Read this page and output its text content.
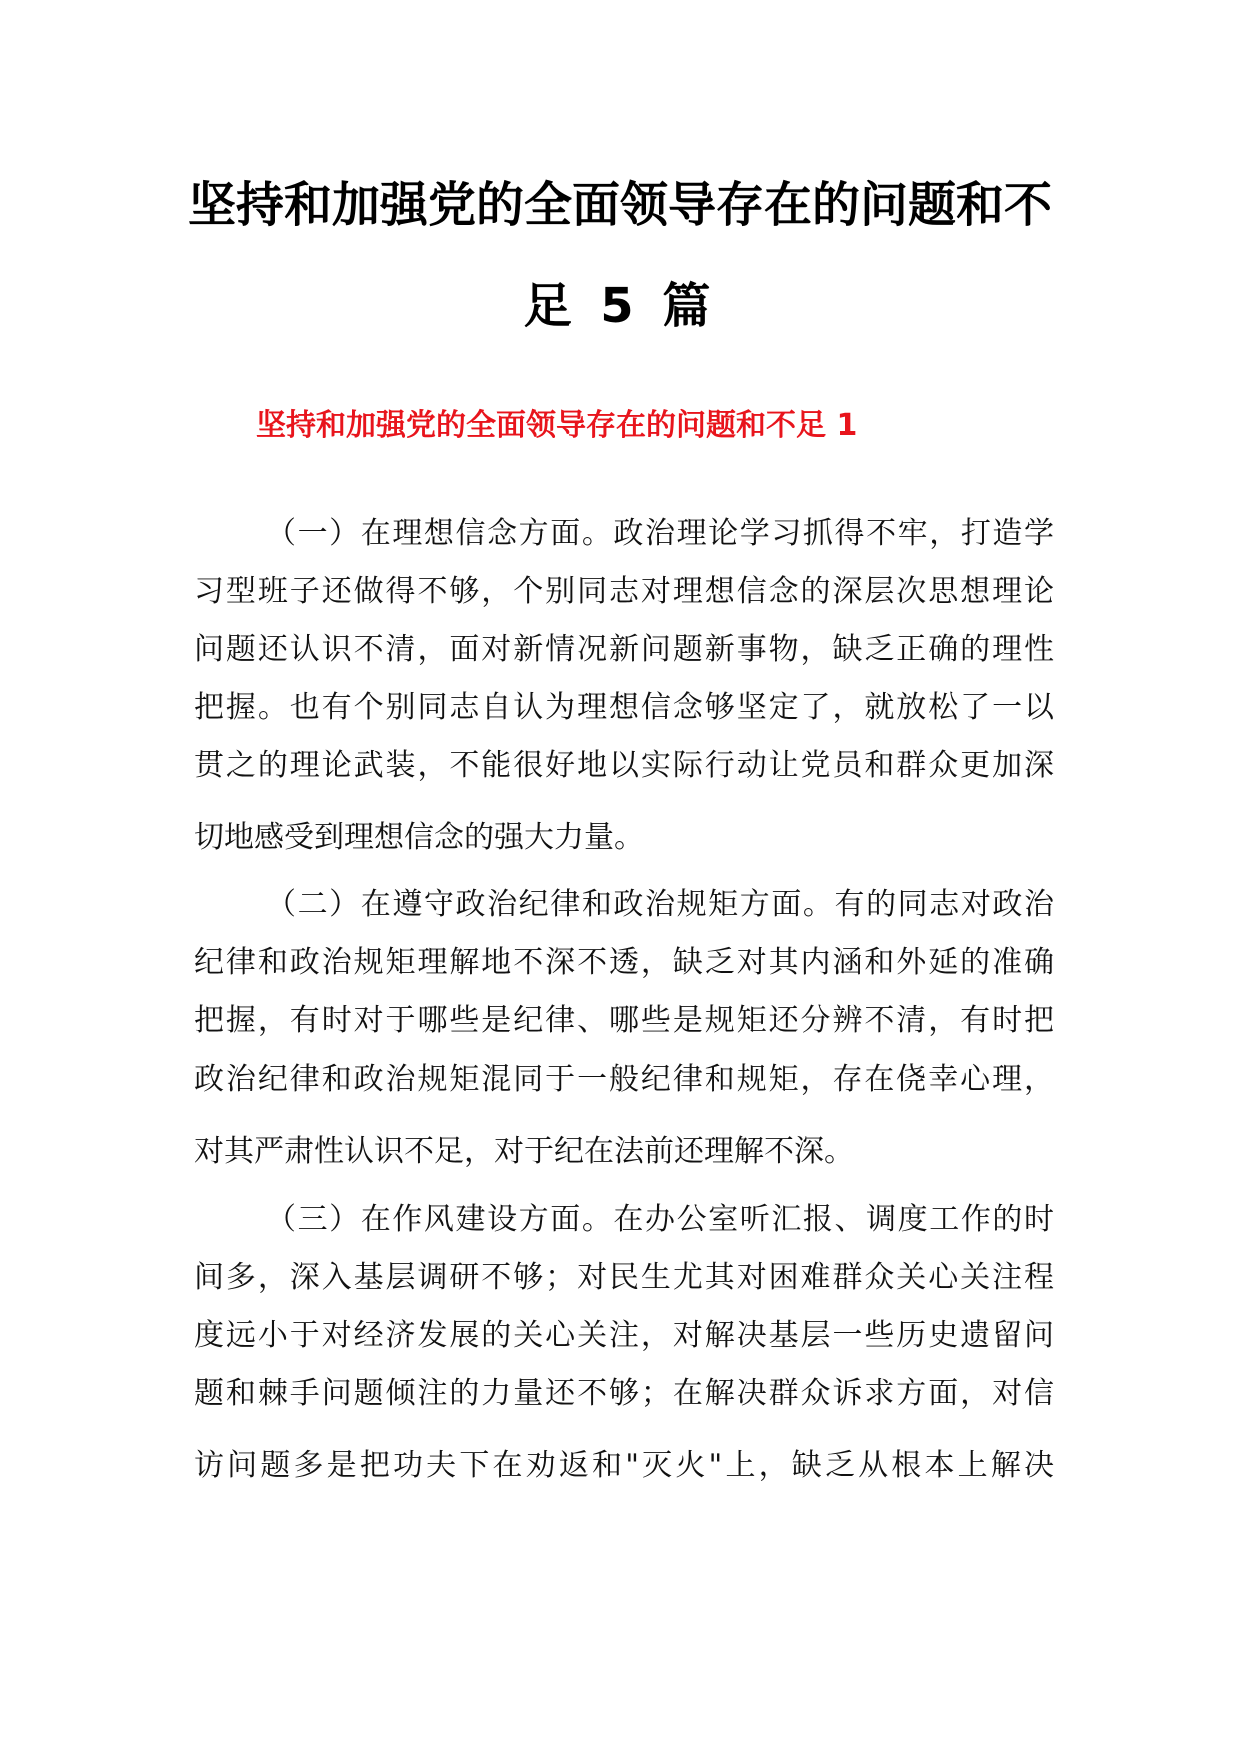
坚持和加强党的全面领导存在的问题和不
足 5 篇
坚持和加强党的全面领导存在的问题和不足 1
（一）在理想信念方面。政治理论学习抓得不牢，打造学
习型班子还做得不够，个别同志对理想信念的深层次思想理论
问题还认识不清，面对新情况新问题新事物，缺乏正确的理性
把握。也有个别同志自认为理想信念够坚定了，就放松了一以
贯之的理论武装，不能很好地以实际行动让党员和群众更加深
切地感受到理想信念的强大力量。
（二）在遵守政治纪律和政治规矩方面。有的同志对政治
纪律和政治规矩理解地不深不透，缺乏对其内涵和外延的准确
把握，有时对于哪些是纪律、哪些是规矩还分辨不清，有时把
政治纪律和政治规矩混同于一般纪律和规矩，存在侥幸心理，
对其严肃性认识不足，对于纪在法前还理解不深。
（三）在作风建设方面。在办公室听汇报、调度工作的时
间多，深入基层调研不够；对民生尤其对困难群众关心关注程
度远小于对经济发展的关心关注，对解决基层一些历史遗留问
题和棘手问题倾注的力量还不够；在解决群众诉求方面，对信
访问题多是把功夫下在劝返和"灭火"上，缺乏从根本上解决
